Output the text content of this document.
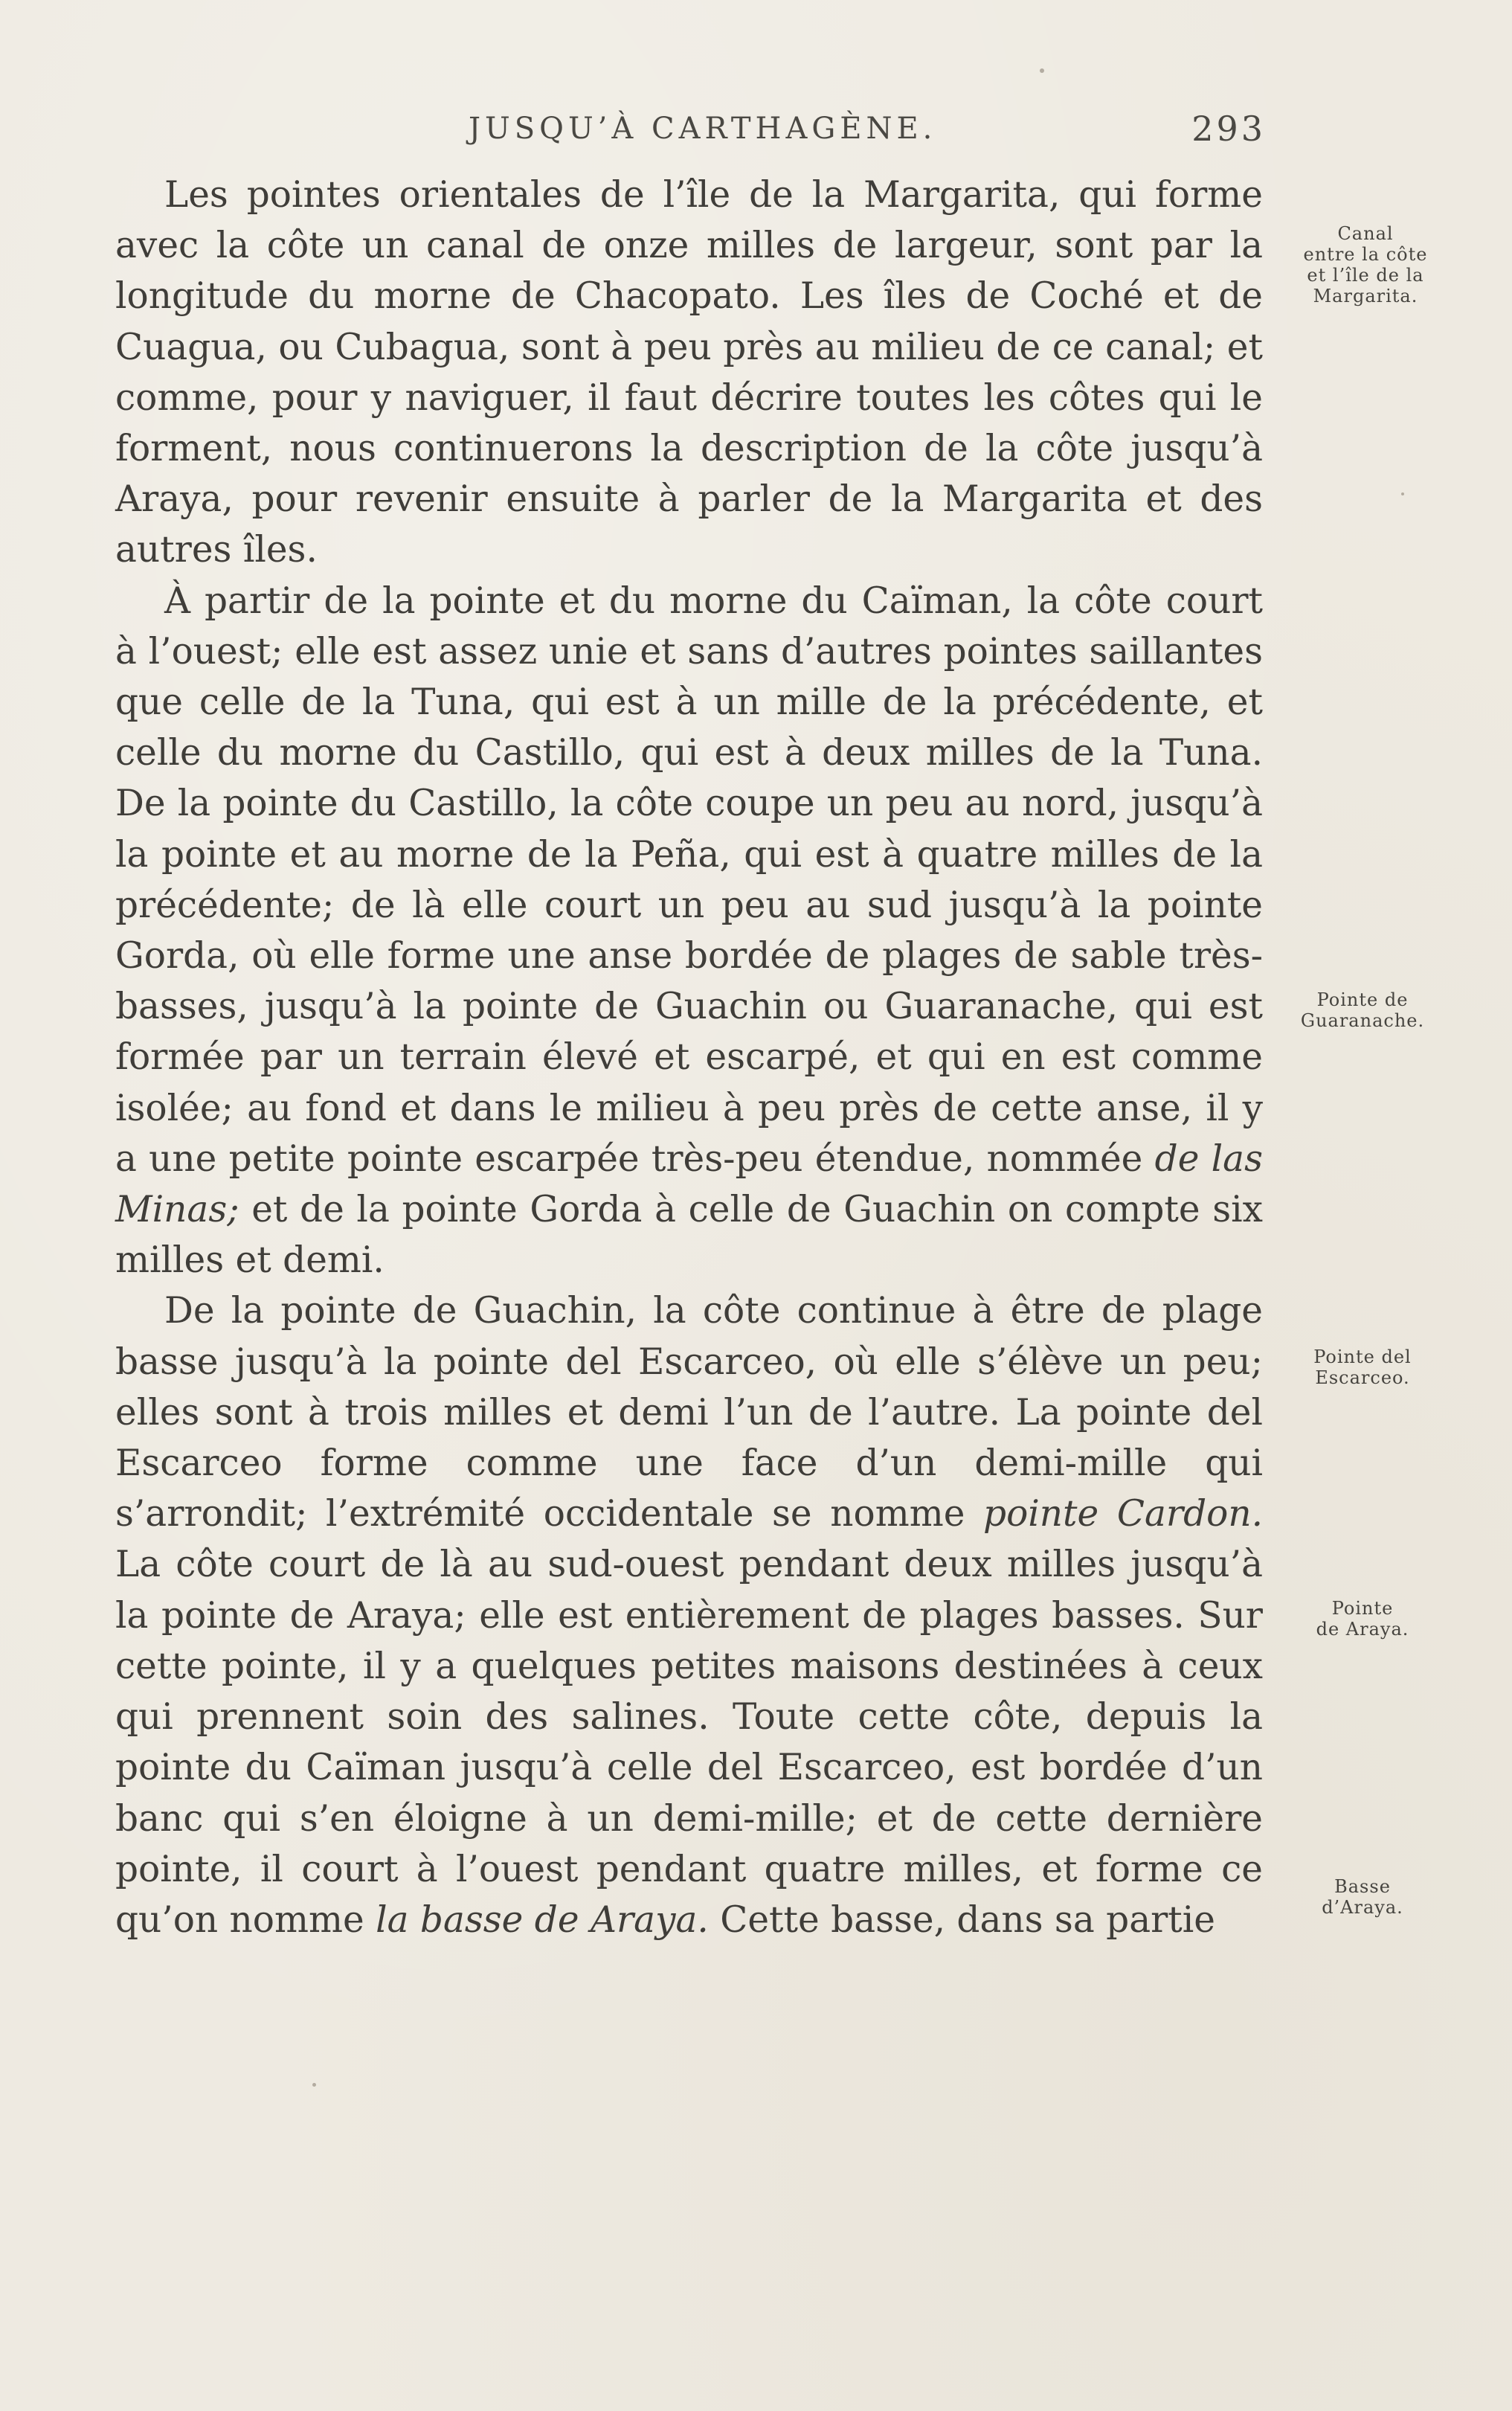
JUSQU’À CARTHAGÈNE.	293

Les pointes orientales de l’île de la Margarita, qui forme avec la côte un canal de onze milles de largeur, sont par la longitude du morne de Chacopato. Les îles de Coché et de Cuagua, ou Cubagua, sont à peu près au milieu de ce canal; et comme, pour y naviguer, il faut décrire toutes les côtes qui le forment, nous continuerons la description de la côte jusqu’à Araya, pour revenir ensuite à parler de la Margarita et des autres îles.

À partir de la pointe et du morne du Caïman, la côte court à l’ouest; elle est assez unie et sans d’autres pointes saillantes que celle de la Tuna, qui est à un mille de la précédente, et celle du morne du Castillo, qui est à deux milles de la Tuna. De la pointe du Castillo, la côte coupe un peu au nord, jusqu’à la pointe et au morne de la Peña, qui est à quatre milles de la précédente; de là elle court un peu au sud jusqu’à la pointe Gorda, où elle forme une anse bordée de plages de sable très-basses, jusqu’à la pointe de Guachin ou Guaranache, qui est formée par un terrain élevé et escarpé, et qui en est comme isolée; au fond et dans le milieu à peu près de cette anse, il y a une petite pointe escarpée très-peu étendue, nommée de las Minas; et de la pointe Gorda à celle de Guachin on compte six milles et demi.

De la pointe de Guachin, la côte continue à être de plage basse jusqu’à la pointe del Escarceo, où elle s’élève un peu; elles sont à trois milles et demi l’un de l’autre. La pointe del Escarceo forme comme une face d’un demi-mille qui s’arrondit; l’extrémité occidentale se nomme pointe Cardon. La côte court de là au sud-ouest pendant deux milles jusqu’à la pointe de Araya; elle est entièrement de plages basses. Sur cette pointe, il y a quelques petites maisons destinées à ceux qui prennent soin des salines. Toute cette côte, depuis la pointe du Caïman jusqu’à celle del Escarceo, est bordée d’un banc qui s’en éloigne à un demi-mille; et de cette dernière pointe, il court à l’ouest pendant quatre milles, et forme ce qu’on nomme la basse de Araya. Cette basse, dans sa partie

Canal
entre la côte
et l’île de la
Margarita.
Pointe de
Guaranache.
Pointe del
Escarceo.
Pointe
de Araya.
Basse
d’Araya.
